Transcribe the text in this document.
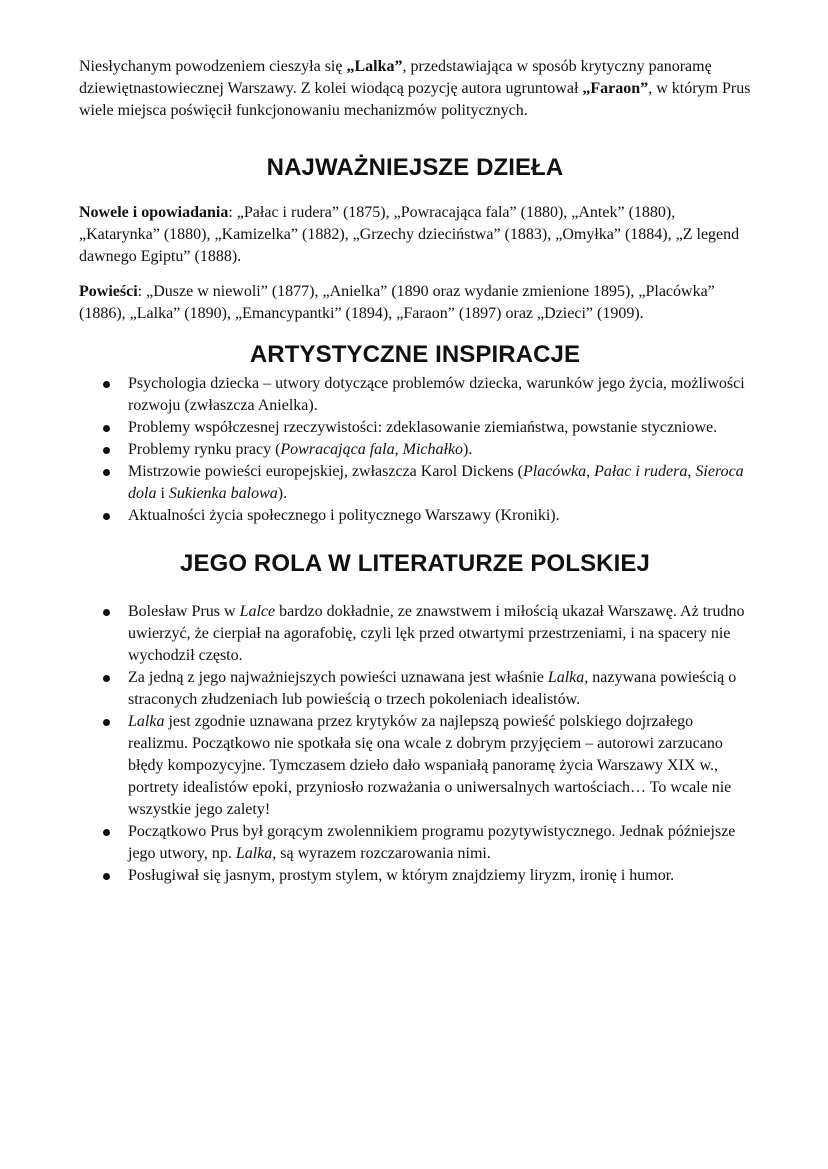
Niesłychanym powodzeniem cieszyła się „Lalka”, przedstawiająca w sposób krytyczny panoramę dziewiętnastowiecznej Warszawy. Z kolei wiodącą pozycję autora ugruntował „Faraon”, w którym Prus wiele miejsca poświęcił funkcjonowaniu mechanizmów politycznych.

NAJWAŻNIEJSZE DZIEŁA

Nowele i opowiadania: „Pałac i rudera” (1875), „Powracająca fala” (1880), „Antek” (1880), „Katarynka” (1880), „Kamizelka” (1882), „Grzechy dzieciństwa” (1883), „Omyłka” (1884), „Z legend dawnego Egiptu” (1888).

Powieści: „Dusze w niewoli” (1877), „Anielka” (1890 oraz wydanie zmienione 1895), „Placówka” (1886), „Lalka” (1890), „Emancypantki” (1894), „Faraon” (1897) oraz „Dzieci” (1909).

ARTYSTYCZNE INSPIRACJE
Psychologia dziecka – utwory dotyczące problemów dziecka, warunków jego życia, możliwości rozwoju (zwłaszcza Anielka).
Problemy współczesnej rzeczywistości: zdeklasowanie ziemiaństwa, powstanie styczniowe.
Problemy rynku pracy (Powracająca fala, Michałko).
Mistrzowie powieści europejskiej, zwłaszcza Karol Dickens (Placówka, Pałac i rudera, Sieroca dola i Sukienka balowa).
Aktualności życia społecznego i politycznego Warszawy (Kroniki).
JEGO ROLA W LITERATURZE POLSKIEJ
Bolesław Prus w Lalce bardzo dokładnie, ze znawstwem i miłością ukazał Warszawę. Aż trudno uwierzyć, że cierpiał na agorafobię, czyli lęk przed otwartymi przestrzeniami, i na spacery nie wychodził często.
Za jedną z jego najważniejszych powieści uznawana jest właśnie Lalka, nazywana powieścią o straconych złudzeniach lub powieścią o trzech pokoleniach idealistów.
Lalka jest zgodnie uznawana przez krytyków za najlepszą powieść polskiego dojrzałego realizmu. Początkowo nie spotkała się ona wcale z dobrym przyjęciem – autorowi zarzucano błędy kompozycyjne. Tymczasem dzieło dało wspaniałą panoramę życia Warszawy XIX w., portrety idealistów epoki, przyniosło rozważania o uniwersalnych wartościach… To wcale nie wszystkie jego zalety!
Początkowo Prus był gorącym zwolennikiem programu pozytywistycznego. Jednak późniejsze jego utwory, np. Lalka, są wyrazem rozczarowania nimi.
Posługiwał się jasnym, prostym stylem, w którym znajdziemy liryzm, ironię i humor.
